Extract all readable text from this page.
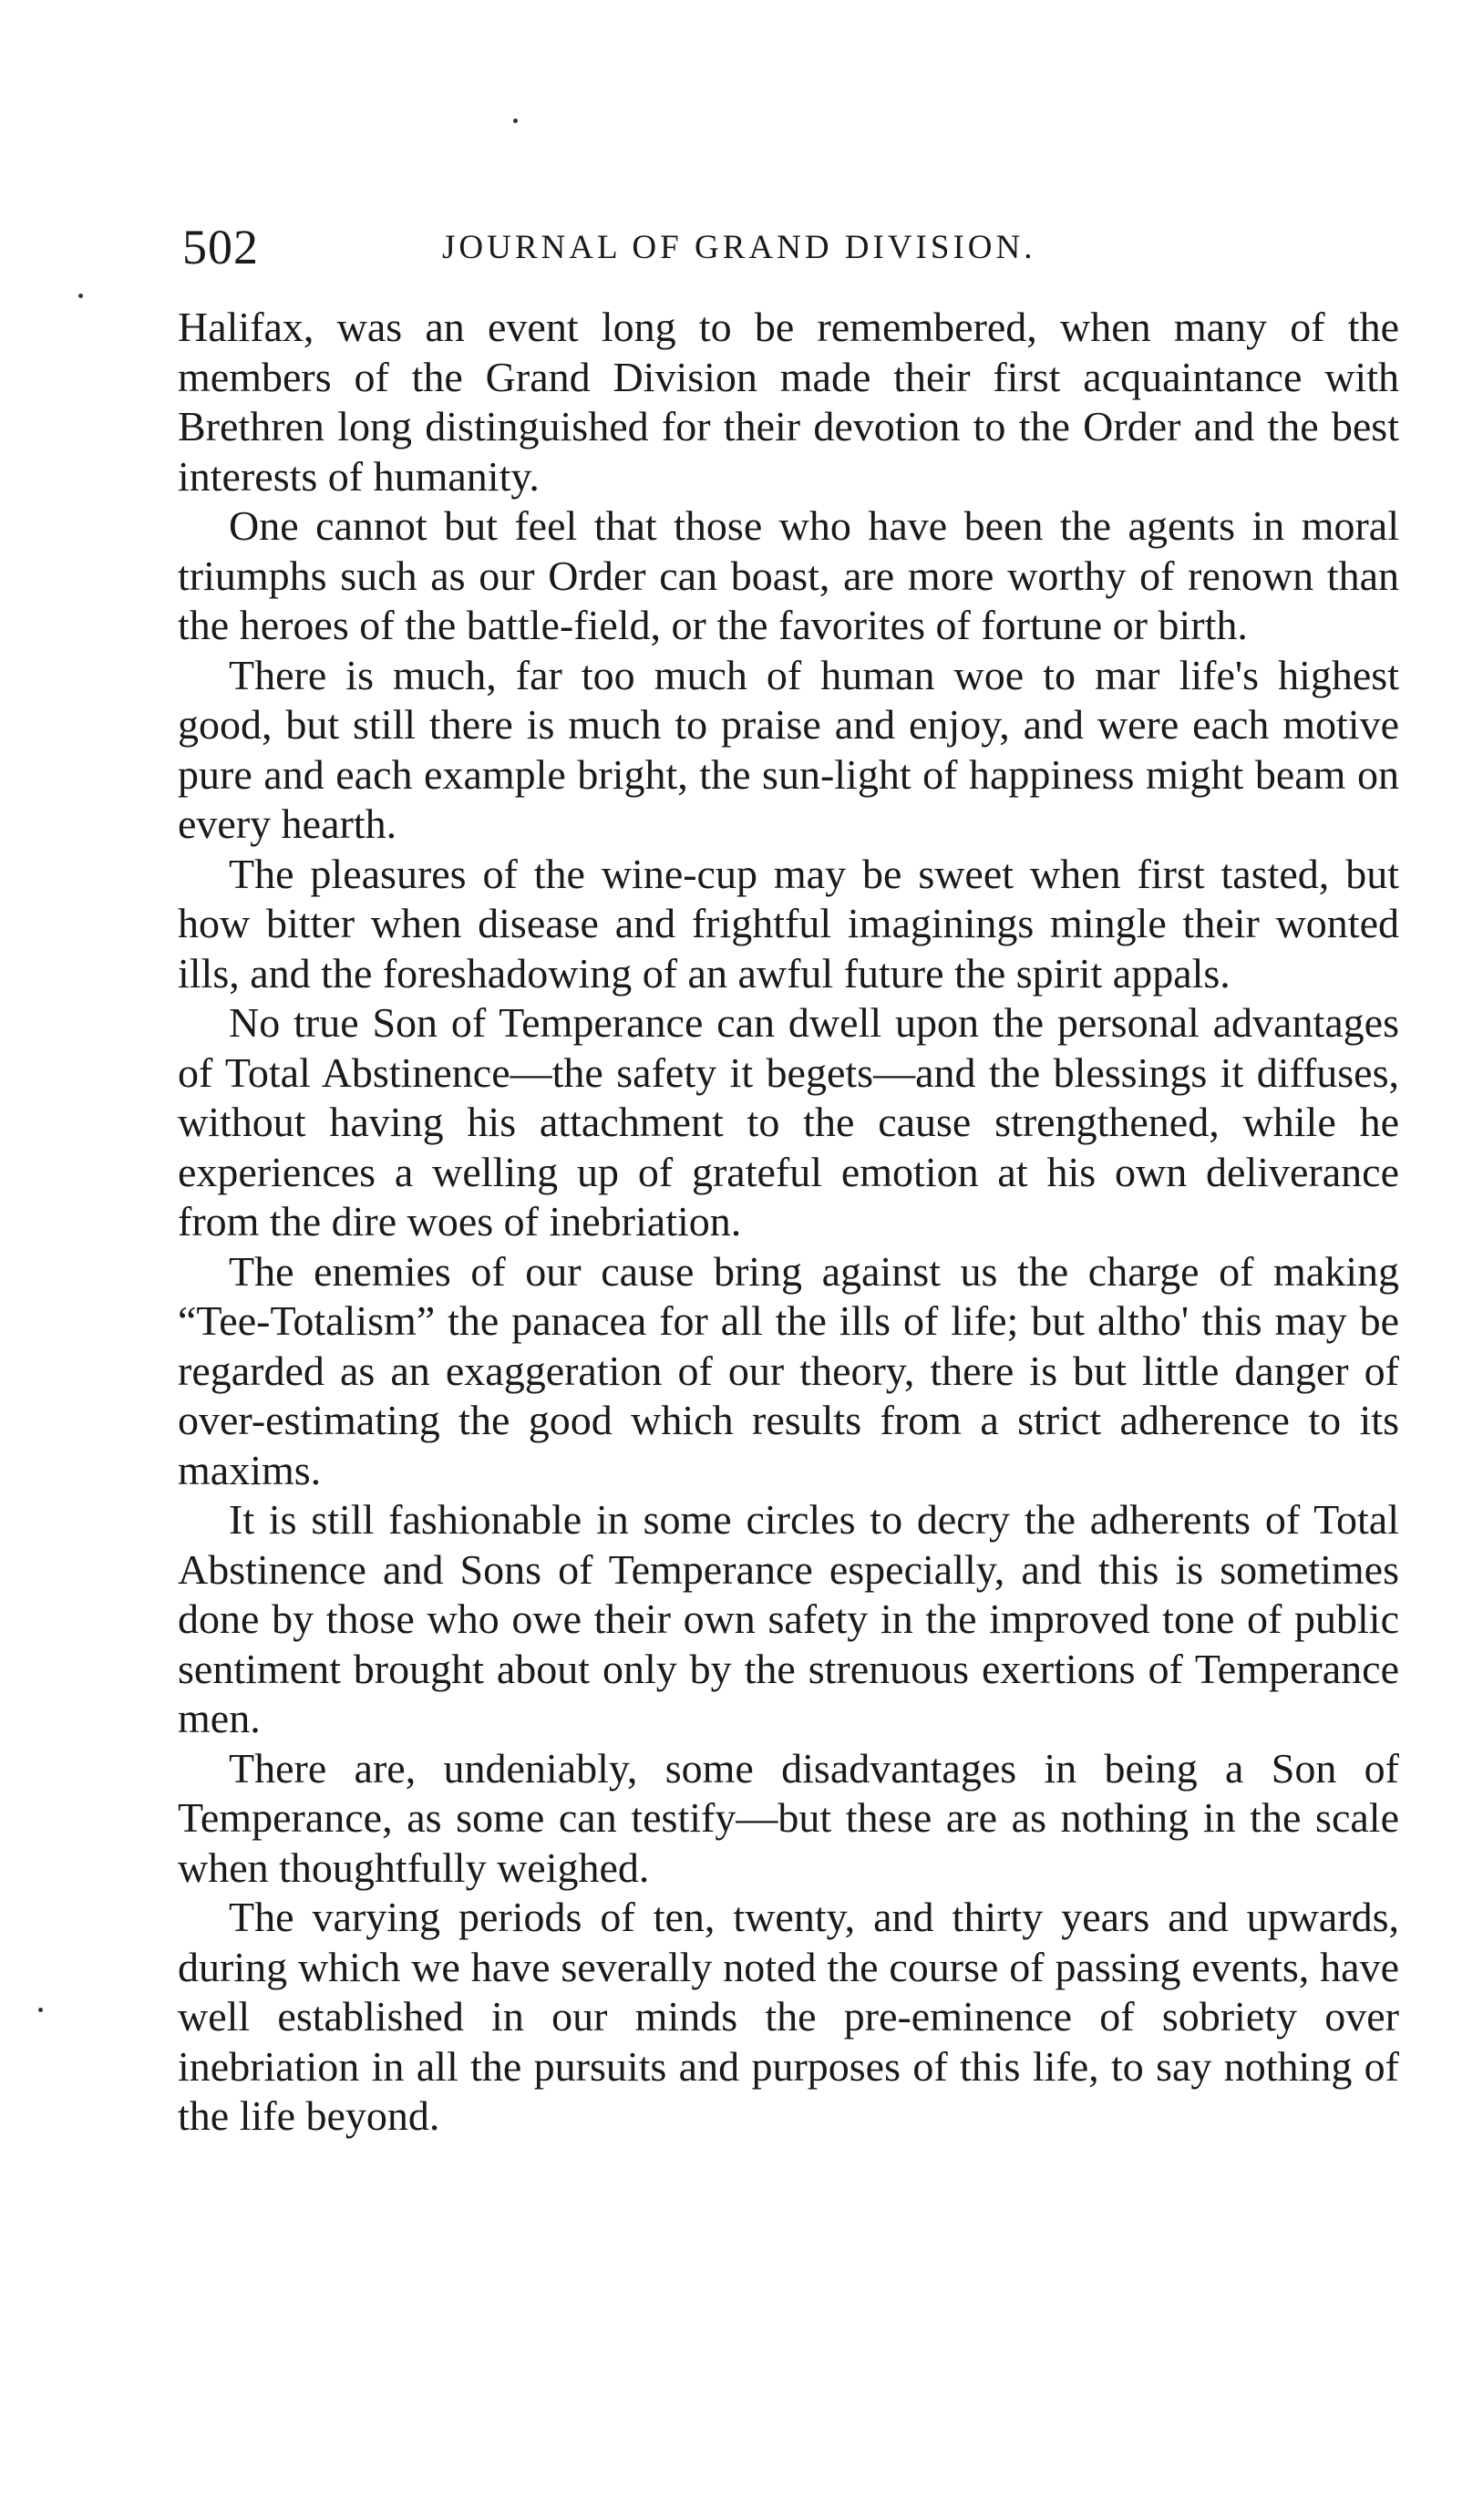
502	JOURNAL OF GRAND DIVISION.

Halifax, was an event long to be remembered, when many of the members of the Grand Division made their first acquaintance with Brethren long distinguished for their devotion to the Order and the best interests of humanity.

One cannot but feel that those who have been the agents in moral triumphs such as our Order can boast, are more worthy of renown than the heroes of the battle-field, or the favorites of fortune or birth.

There is much, far too much of human woe to mar life's highest good, but still there is much to praise and enjoy, and were each motive pure and each example bright, the sun-light of happiness might beam on every hearth.

The pleasures of the wine-cup may be sweet when first tasted, but how bitter when disease and frightful imaginings mingle their wonted ills, and the foreshadowing of an awful future the spirit appals.

No true Son of Temperance can dwell upon the personal advantages of Total Abstinence—the safety it begets—and the blessings it diffuses, without having his attachment to the cause strengthened, while he experiences a welling up of grateful emotion at his own deliverance from the dire woes of inebriation.

The enemies of our cause bring against us the charge of making “Tee-Totalism” the panacea for all the ills of life; but altho' this may be regarded as an exaggeration of our theory, there is but little danger of over-estimating the good which results from a strict adherence to its maxims.

It is still fashionable in some circles to decry the adherents of Total Abstinence and Sons of Temperance especially, and this is sometimes done by those who owe their own safety in the improved tone of public sentiment brought about only by the strenuous exertions of Temperance men.

There are, undeniably, some disadvantages in being a Son of Temperance, as some can testify—but these are as nothing in the scale when thoughtfully weighed.

The varying periods of ten, twenty, and thirty years and upwards, during which we have severally noted the course of passing events, have well established in our minds the pre-eminence of sobriety over inebriation in all the pursuits and purposes of this life, to say nothing of the life beyond.
